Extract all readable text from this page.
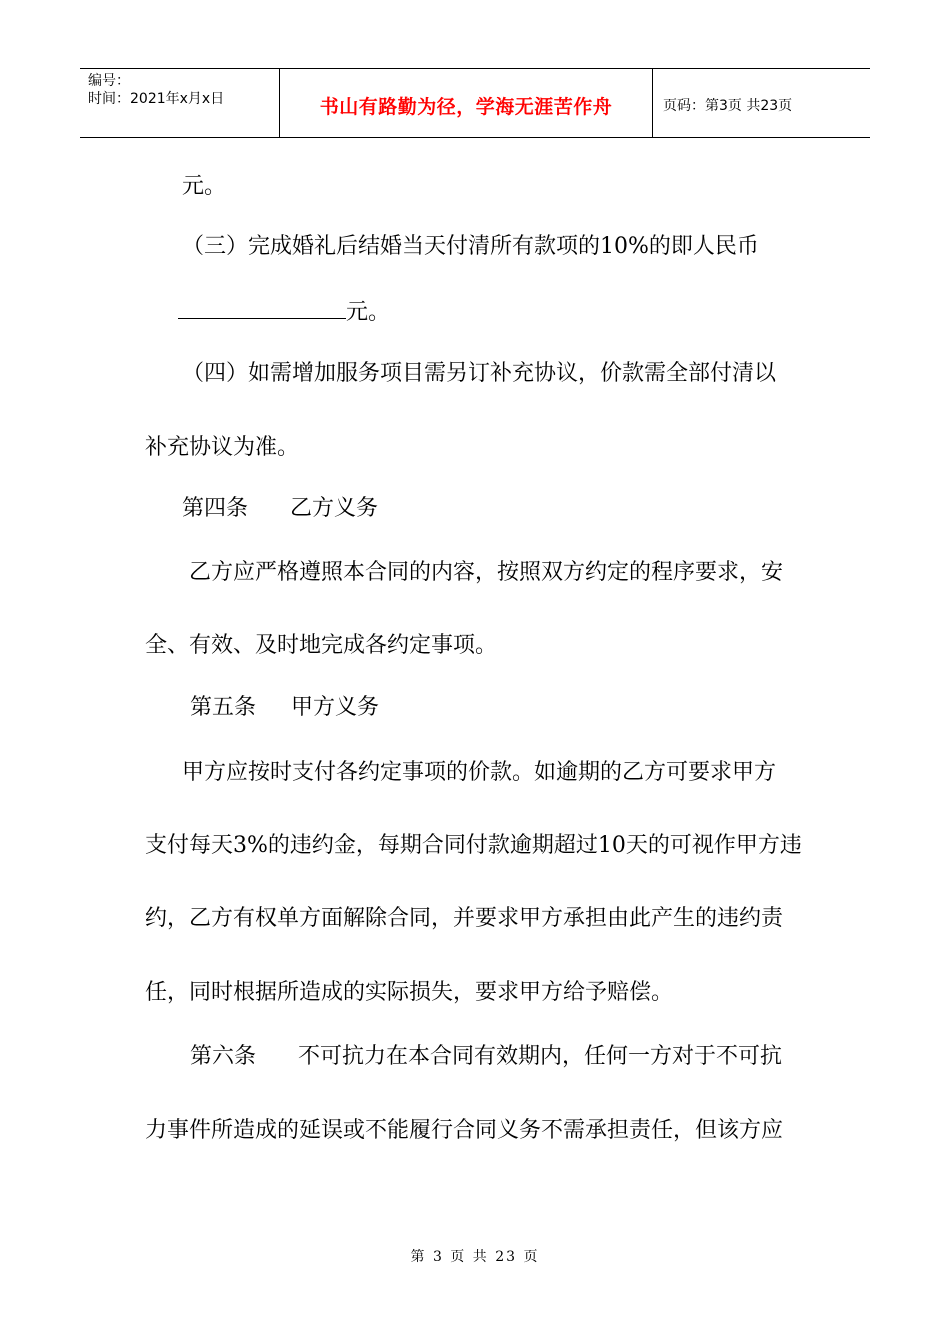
编号：
时间：2021年x月x日	书山有路勤为径，学海无涯苦作舟	页码：第3页 共23页
元。
（三）完成婚礼后结婚当天付清所有款项的10%的即人民币
元。
（四）如需增加服务项目需另订补充协议，价款需全部付清以
补充协议为准。
第四条      乙方义务
乙方应严格遵照本合同的内容，按照双方约定的程序要求，安
全、有效、及时地完成各约定事项。
第五条     甲方义务
甲方应按时支付各约定事项的价款。如逾期的乙方可要求甲方
支付每天3%的违约金，每期合同付款逾期超过10天的可视作甲方违
约，乙方有权单方面解除合同，并要求甲方承担由此产生的违约责
任，同时根据所造成的实际损失，要求甲方给予赔偿。
第六条      不可抗力在本合同有效期内，任何一方对于不可抗
力事件所造成的延误或不能履行合同义务不需承担责任，但该方应
第 3 页 共 23 页
